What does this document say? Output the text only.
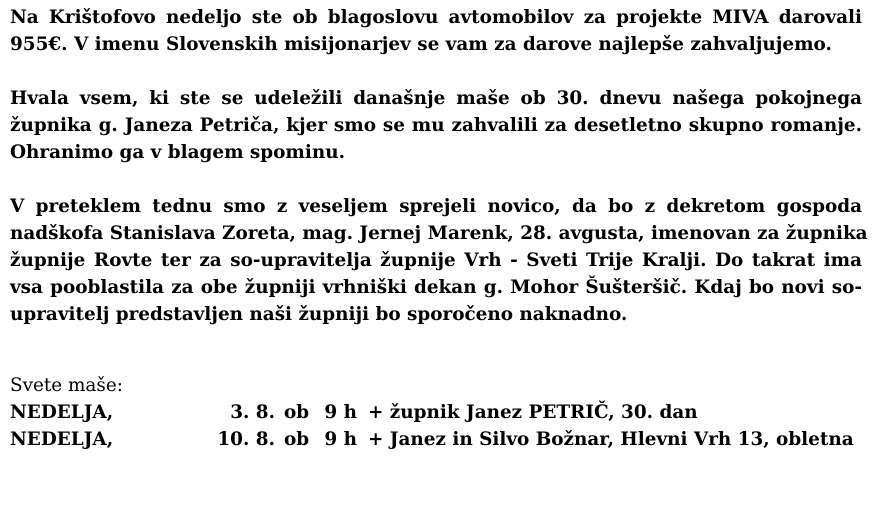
Na Krištofovo nedeljo ste ob blagoslovu avtomobilov za projekte MIVA darovali
955€. V imenu Slovenskih misijonarjev se vam za darove najlepše zahvaljujemo.

Hvala vsem, ki ste se udeležili današnje maše ob 30. dnevu našega pokojnega
župnika g. Janeza Petriča, kjer smo se mu zahvalili za desetletno skupno romanje.
Ohranimo ga v blagem spominu.

V preteklem tednu smo z veseljem sprejeli novico, da bo z dekretom gospoda
nadškofa Stanislava Zoreta, mag. Jernej Marenk, 28. avgusta, imenovan za župnika
župnije Rovte ter za so-upravitelja župnije Vrh - Sveti Trije Kralji. Do takrat ima
vsa pooblastila za obe župniji vrhniški dekan g. Mohor Šušteršič. Kdaj bo novi so-
upravitelj predstavljen naši župniji bo sporočeno naknadno.

Svete maše:
NEDELJA,	3. 8. ob 9 h + župnik Janez PETRIČ, 30. dan
NEDELJA,	10. 8. ob 9 h + Janez in Silvo Božnar, Hlevni Vrh 13, obletna
